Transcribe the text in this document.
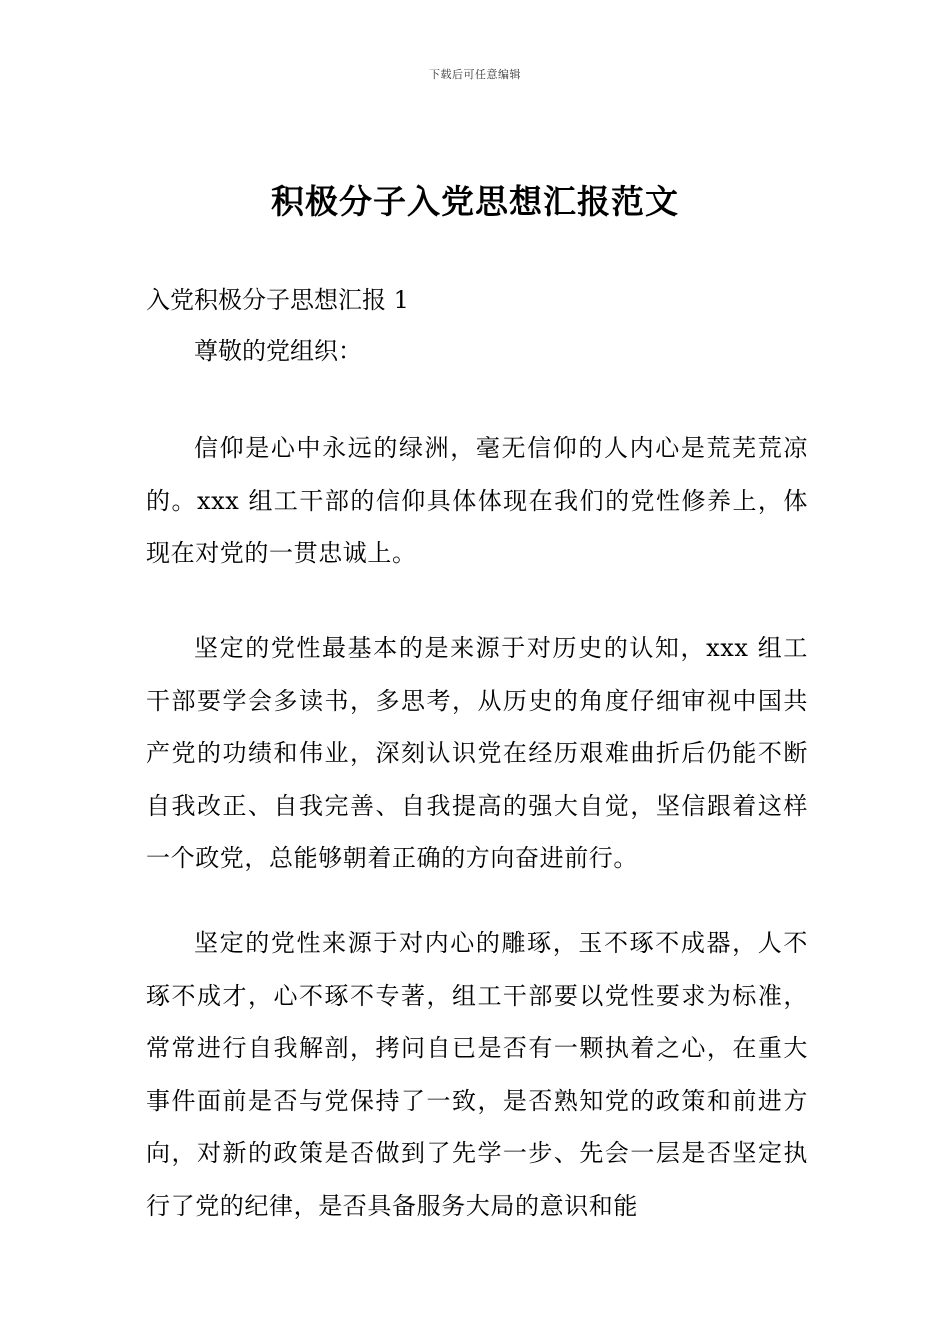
下载后可任意编辑
积极分子入党思想汇报范文
入党积极分子思想汇报 1
尊敬的党组织：

信仰是心中永远的绿洲，毫无信仰的人内心是荒芜荒凉的。xxx 组工干部的信仰具体体现在我们的党性修养上，体现在对党的一贯忠诚上。

坚定的党性最基本的是来源于对历史的认知，xxx 组工干部要学会多读书，多思考，从历史的角度仔细审视中国共产党的功绩和伟业，深刻认识党在经历艰难曲折后仍能不断自我改正、自我完善、自我提高的强大自觉，坚信跟着这样一个政党，总能够朝着正确的方向奋进前行。

坚定的党性来源于对内心的雕琢，玉不琢不成器，人不琢不成才，心不琢不专著，组工干部要以党性要求为标准，常常进行自我解剖，拷问自已是否有一颗执着之心，在重大事件面前是否与党保持了一致，是否熟知党的政策和前进方向，对新的政策是否做到了先学一步、先会一层是否坚定执行了党的纪律，是否具备服务大局的意识和能
